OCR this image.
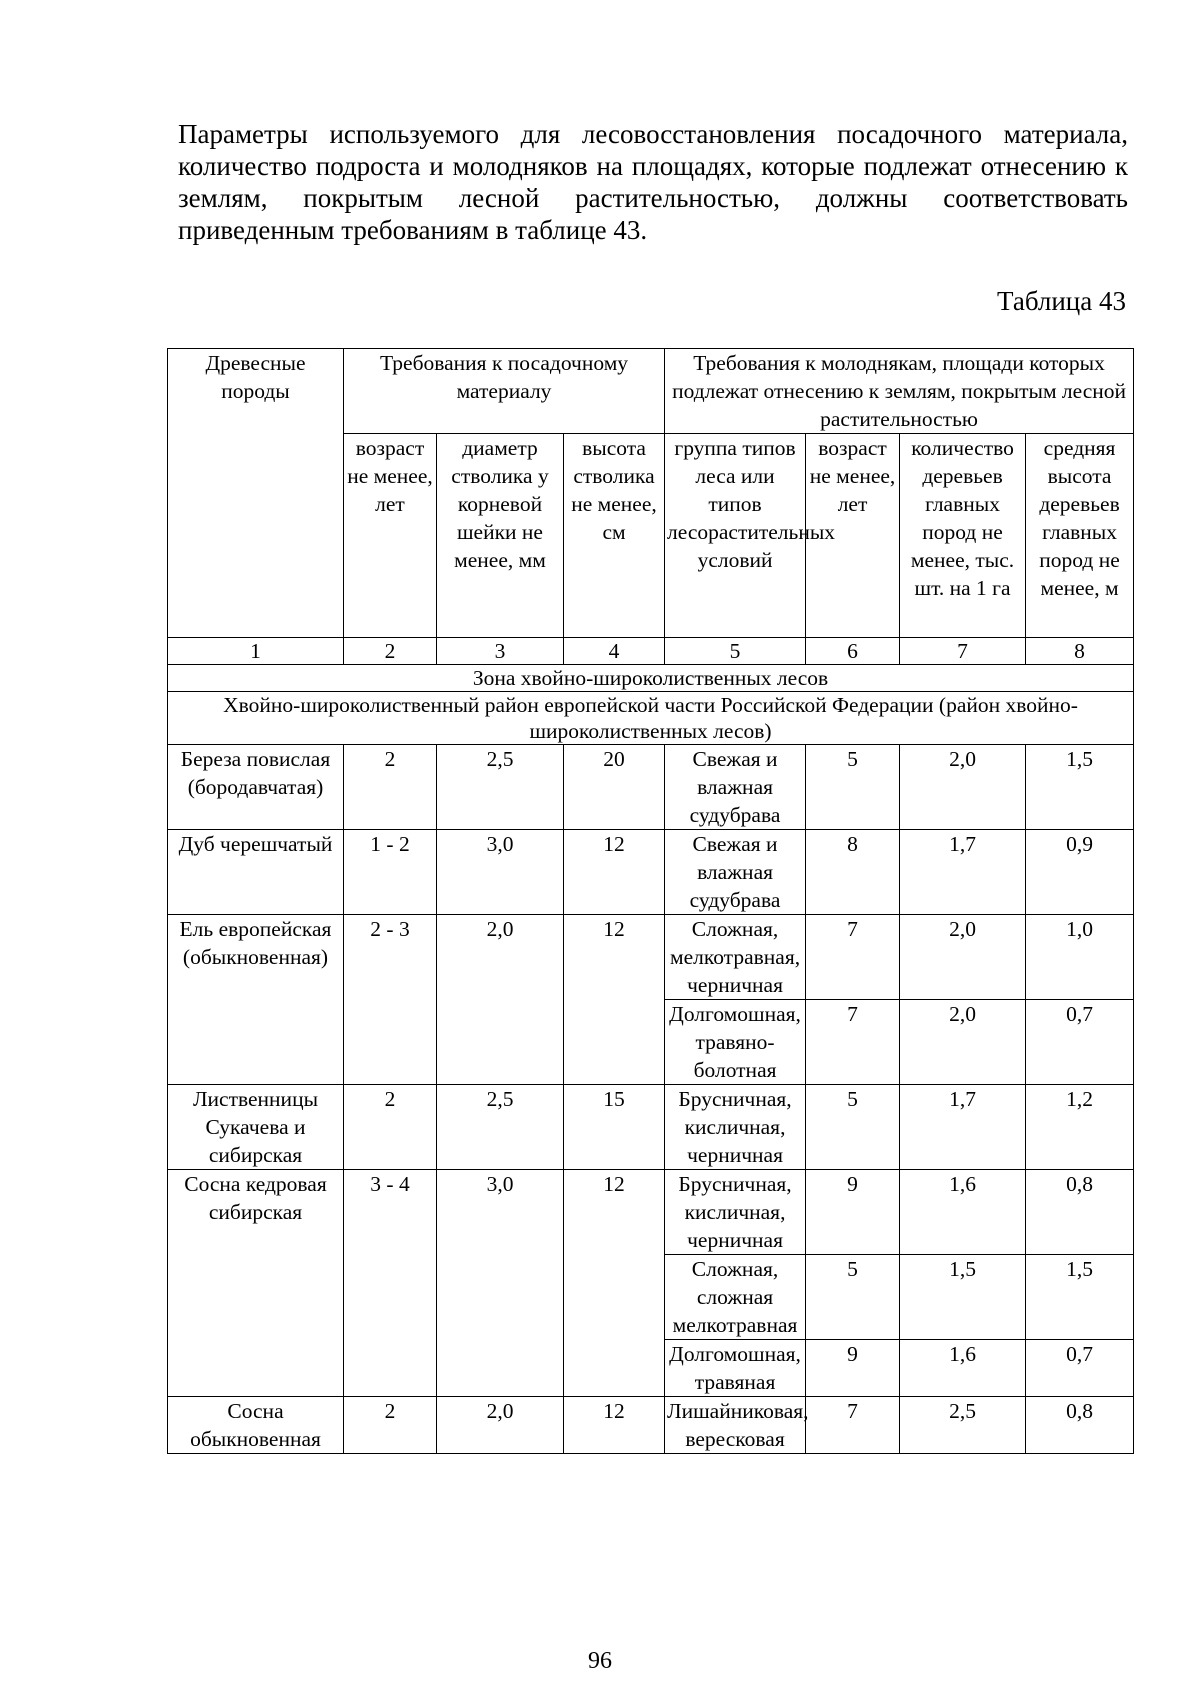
Параметры используемого для лесовосстановления посадочного материала, количество подроста и молодняков на площадях, которые подлежат отнесению к землям, покрытым лесной растительностью, должны соответствовать приведенным требованиям в таблице 43.

Таблица 43
Древесные породы	Требования к посадочному материалу			Требования к молоднякам, площади которых подлежат отнесению к землям, покрытым лесной растительностью			
	возраст не менее, лет	диаметр стволика у корневой шейки не менее, мм	высота стволика не менее, см	группа типов леса или типов лесорастительных условий	возраст не менее, лет	количество деревьев главных пород не менее, тыс. шт. на 1 га	средняя высота деревьев главных пород не менее, м
1	2	3	4	5	6	7	8
Зона хвойно-широколиственных лесов							
Хвойно-широколиственный район европейской части Российской Федерации (район хвойно-широколиственных лесов)							
Береза повислая (бородавчатая)	2	2,5	20	Свежая и влажная судубрава	5	2,0	1,5
Дуб черешчатый	1 - 2	3,0	12	Свежая и влажная судубрава	8	1,7	0,9
Ель европейская (обыкновенная)	2 - 3	2,0	12	Сложная, мелкотравная, черничная	7	2,0	1,0
				Долгомошная, травяно-болотная	7	2,0	0,7
Лиственницы Сукачева и сибирская	2	2,5	15	Брусничная, кисличная, черничная	5	1,7	1,2
Сосна кедровая сибирская	3 - 4	3,0	12	Брусничная, кисличная, черничная	9	1,6	0,8
				Сложная, сложная мелкотравная	5	1,5	1,5
				Долгомошная, травяная	9	1,6	0,7
Сосна обыкновенная	2	2,0	12	Лишайниковая, вересковая	7	2,5	0,8
96
